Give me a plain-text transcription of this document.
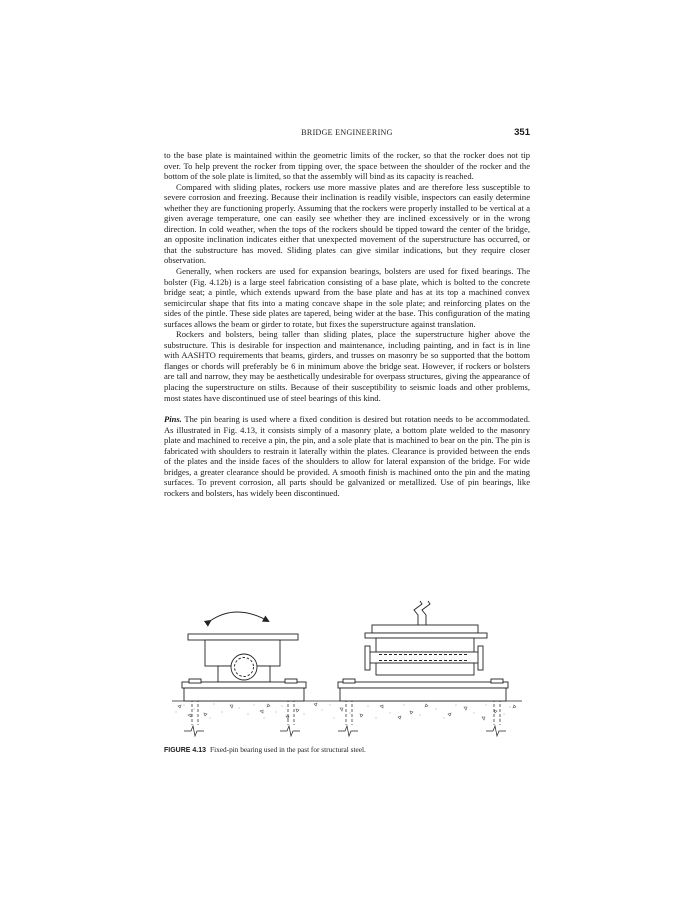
BRIDGE ENGINEERING	351

to the base plate is maintained within the geometric limits of the rocker, so that the rocker does not tip over. To help prevent the rocker from tipping over, the space between the shoulder of the rocker and the bottom of the sole plate is limited, so that the assembly will bind as its capacity is reached.

Compared with sliding plates, rockers use more massive plates and are therefore less susceptible to severe corrosion and freezing. Because their inclination is readily visible, inspectors can easily determine whether they are functioning properly. Assuming that the rockers were properly installed to be vertical at a given average temperature, one can easily see whether they are inclined excessively or in the wrong direction. In cold weather, when the tops of the rockers should be tipped toward the center of the bridge, an opposite inclination indicates either that unexpected movement of the superstructure has occurred, or that the substructure has moved. Sliding plates can give similar indications, but they require closer observation.

Generally, when rockers are used for expansion bearings, bolsters are used for fixed bearings. The bolster (Fig. 4.12b) is a large steel fabrication consisting of a base plate, which is bolted to the concrete bridge seat; a pintle, which extends upward from the base plate and has at its top a machined convex semicircular shape that fits into a mating concave shape in the sole plate; and reinforcing plates on the sides of the pintle. These side plates are tapered, being wider at the base. This configuration of the mating surfaces allows the beam or girder to rotate, but fixes the superstructure against translation.

Rockers and bolsters, being taller than sliding plates, place the superstructure higher above the substructure. This is desirable for inspection and maintenance, including painting, and in fact is in line with AASHTO requirements that beams, girders, and trusses on masonry be so supported that the bottom flanges or chords will preferably be 6 in minimum above the bridge seat. However, if rockers or bolsters are tall and narrow, they may be aesthetically undesirable for overpass structures, giving the appearance of placing the superstructure on stilts. Because of their susceptibility to seismic loads and other problems, most states have discontinued use of steel bearings of this kind.

Pins. The pin bearing is used where a fixed condition is desired but rotation needs to be accommodated. As illustrated in Fig. 4.13, it consists simply of a masonry plate, a bottom plate welded to the masonry plate and machined to receive a pin, the pin, and a sole plate that is machined to bear on the pin. The pin is fabricated with shoulders to restrain it laterally within the plates. Clearance is provided between the ends of the plates and the inside faces of the shoulders to allow for lateral expansion of the bridge. For wide bridges, a greater clearance should be provided. A smooth finish is machined onto the pin and the mating surfaces. To prevent corrosion, all parts should be galvanized or metallized. Use of pin bearings, like rockers and bolsters, has widely been discontinued.

FIGURE 4.13 Fixed-pin bearing used in the past for structural steel.
